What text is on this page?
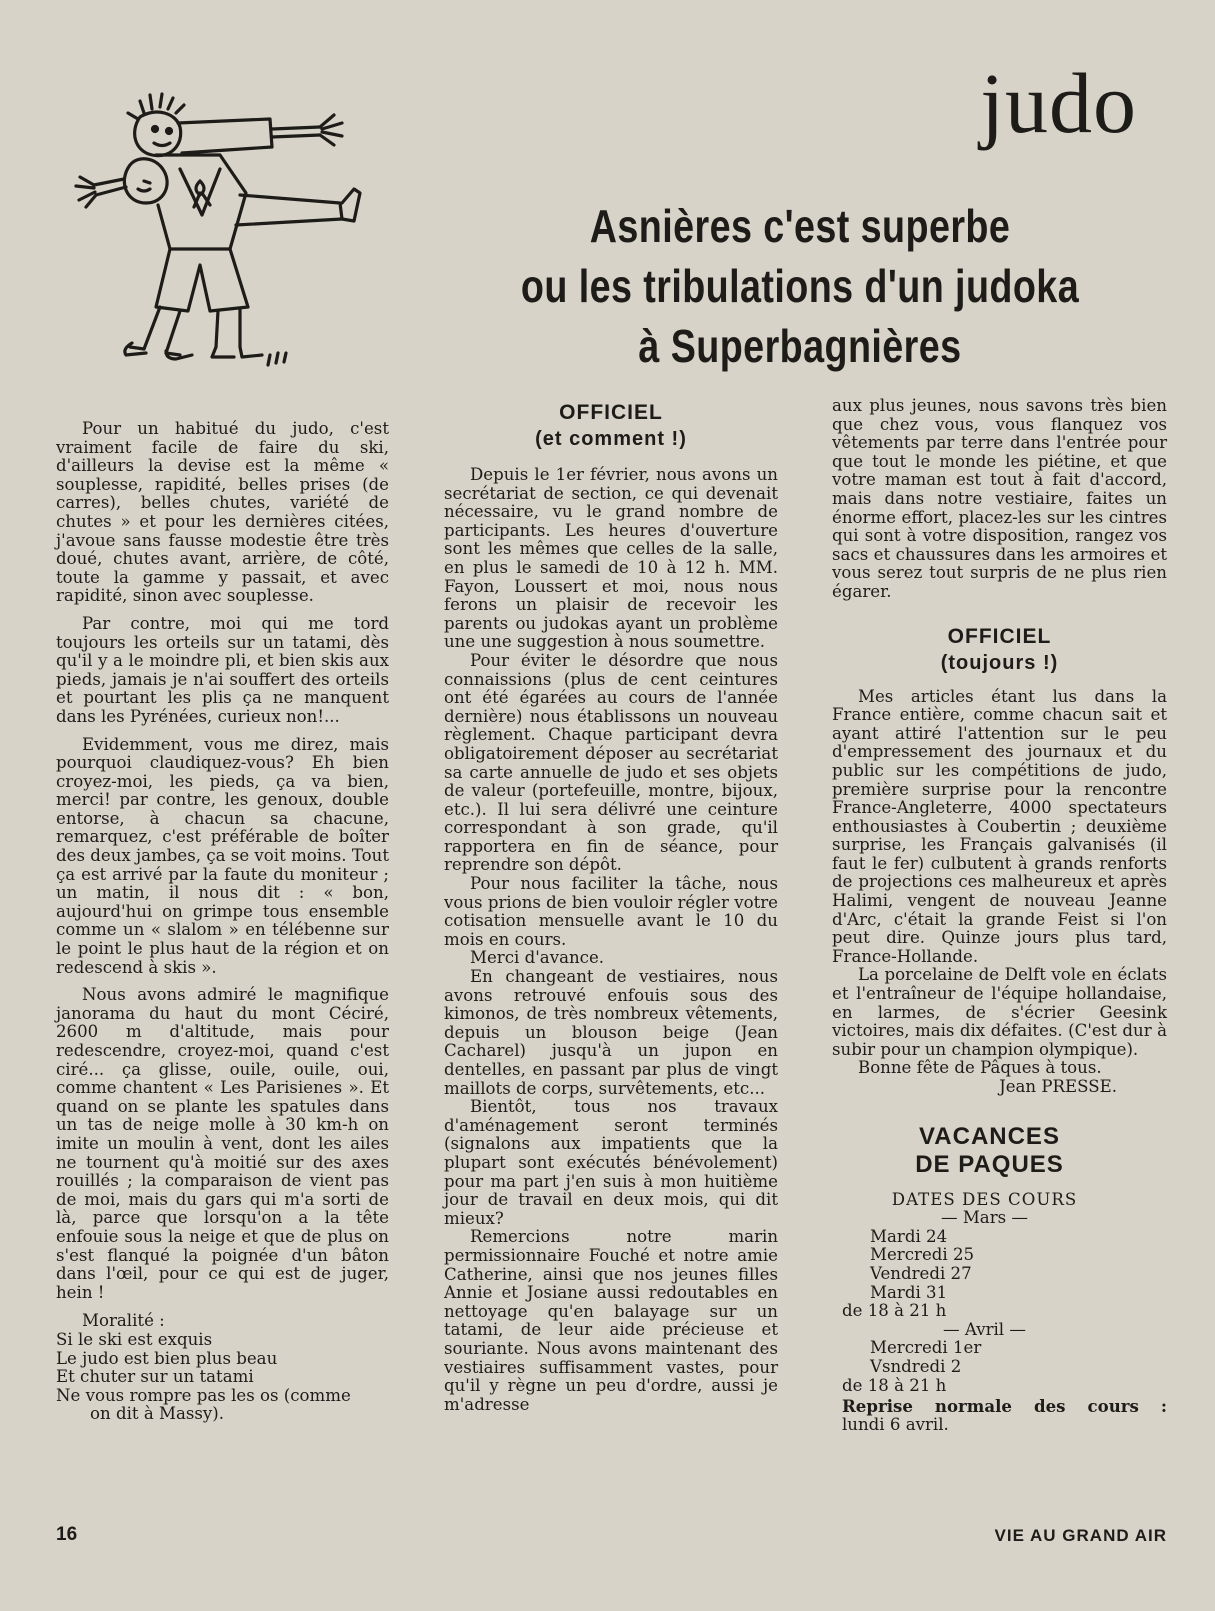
judo
Asnières c'est superbe
ou les tribulations d'un judoka
à Superbagnières

Pour un habitué du judo, c'est vraiment facile de faire du ski, d'ailleurs la devise est la même « souplesse, rapidité, belles prises (de carres), belles chutes, variété de chutes » et pour les dernières citées, j'avoue sans fausse modestie être très doué, chutes avant, arrière, de côté, toute la gamme y passait, et avec rapidité, sinon avec souplesse.

Par contre, moi qui me tord toujours les orteils sur un tatami, dès qu'il y a le moindre pli, et bien skis aux pieds, jamais je n'ai souffert des orteils et pourtant les plis ça ne manquent dans les Pyrénées, curieux non!...

Evidemment, vous me direz, mais pourquoi claudiquez-vous? Eh bien croyez-moi, les pieds, ça va bien, merci! par contre, les genoux, double entorse, à chacun sa chacune, remarquez, c'est préférable de boîter des deux jambes, ça se voit moins. Tout ça est arrivé par la faute du moniteur ; un matin, il nous dit : « bon, aujourd'hui on grimpe tous ensemble comme un « slalom » en télébenne sur le point le plus haut de la région et on redescend à skis ».

Nous avons admiré le magnifique janorama du haut du mont Céciré, 2600 m d'altitude, mais pour redescendre, croyez-moi, quand c'est ciré... ça glisse, ouile, ouile, oui, comme chantent « Les Parisienes ». Et quand on se plante les spatules dans un tas de neige molle à 30 km-h on imite un moulin à vent, dont les ailes ne tournent qu'à moitié sur des axes rouillés ; la comparaison de vient pas de moi, mais du gars qui m'a sorti de là, parce que lorsqu'on a la tête enfouie sous la neige et que de plus on s'est flanqué la poignée d'un bâton dans l'œil, pour ce qui est de juger, hein !

Moralité :

Si le ski est exquis
Le judo est bien plus beau
Et chuter sur un tatami
Ne vous rompre pas les os (comme
on dit à Massy).
OFFICIEL
(et comment !)

Depuis le 1er février, nous avons un secrétariat de section, ce qui devenait nécessaire, vu le grand nombre de participants. Les heures d'ouverture sont les mêmes que celles de la salle, en plus le samedi de 10 à 12 h. MM. Fayon, Loussert et moi, nous nous ferons un plaisir de recevoir les parents ou judokas ayant un problème une une suggestion à nous soumettre.

Pour éviter le désordre que nous connaissions (plus de cent ceintures ont été égarées au cours de l'année dernière) nous établissons un nouveau règlement. Chaque participant devra obligatoirement déposer au secrétariat sa carte annuelle de judo et ses objets de valeur (portefeuille, montre, bijoux, etc.). Il lui sera délivré une ceinture correspondant à son grade, qu'il rapportera en fin de séance, pour reprendre son dépôt.

Pour nous faciliter la tâche, nous vous prions de bien vouloir régler votre cotisation mensuelle avant le 10 du mois en cours.

Merci d'avance.

En changeant de vestiaires, nous avons retrouvé enfouis sous des kimonos, de très nombreux vêtements, depuis un blouson beige (Jean Cacharel) jusqu'à un jupon en dentelles, en passant par plus de vingt maillots de corps, survêtements, etc...

Bientôt, tous nos travaux d'aménagement seront terminés (signalons aux impatients que la plupart sont exécutés bénévolement) pour ma part j'en suis à mon huitième jour de travail en deux mois, qui dit mieux?

Remercions notre marin permissionnaire Fouché et notre amie Catherine, ainsi que nos jeunes filles Annie et Josiane aussi redoutables en nettoyage qu'en balayage sur un tatami, de leur aide précieuse et souriante. Nous avons maintenant des vestiaires suffisamment vastes, pour qu'il y règne un peu d'ordre, aussi je m'adresse

aux plus jeunes, nous savons très bien que chez vous, vous flanquez vos vêtements par terre dans l'entrée pour que tout le monde les piétine, et que votre maman est tout à fait d'accord, mais dans notre vestiaire, faites un énorme effort, placez-les sur les cintres qui sont à votre disposition, rangez vos sacs et chaussures dans les armoires et vous serez tout surpris de ne plus rien égarer.

OFFICIEL
(toujours !)

Mes articles étant lus dans la France entière, comme chacun sait et ayant attiré l'attention sur le peu d'empressement des journaux et du public sur les compétitions de judo, première surprise pour la rencontre France-Angleterre, 4000 spectateurs enthousiastes à Coubertin ; deuxième surprise, les Français galvanisés (il faut le fer) culbutent à grands renforts de projections ces malheureux et après Halimi, vengent de nouveau Jeanne d'Arc, c'était la grande Feist si l'on peut dire. Quinze jours plus tard, France-Hollande.

La porcelaine de Delft vole en éclats et l'entraîneur de l'équipe hollandaise, en larmes, de s'écrier Geesink victoires, mais dix défaites. (C'est dur à subir pour un champion olympique).

Bonne fête de Pâques à tous.

Jean PRESSE.
VACANCES
DE PAQUES
DATES DES COURS
— Mars —
Mardi 24
Mercredi 25
Vendredi 27
Mardi 31
de 18 à 21 h
— Avril —
Mercredi 1er
Vsndredi 2
de 18 à 21 h
Reprise normale des cours :
lundi 6 avril.
16	VIE AU GRAND AIR
